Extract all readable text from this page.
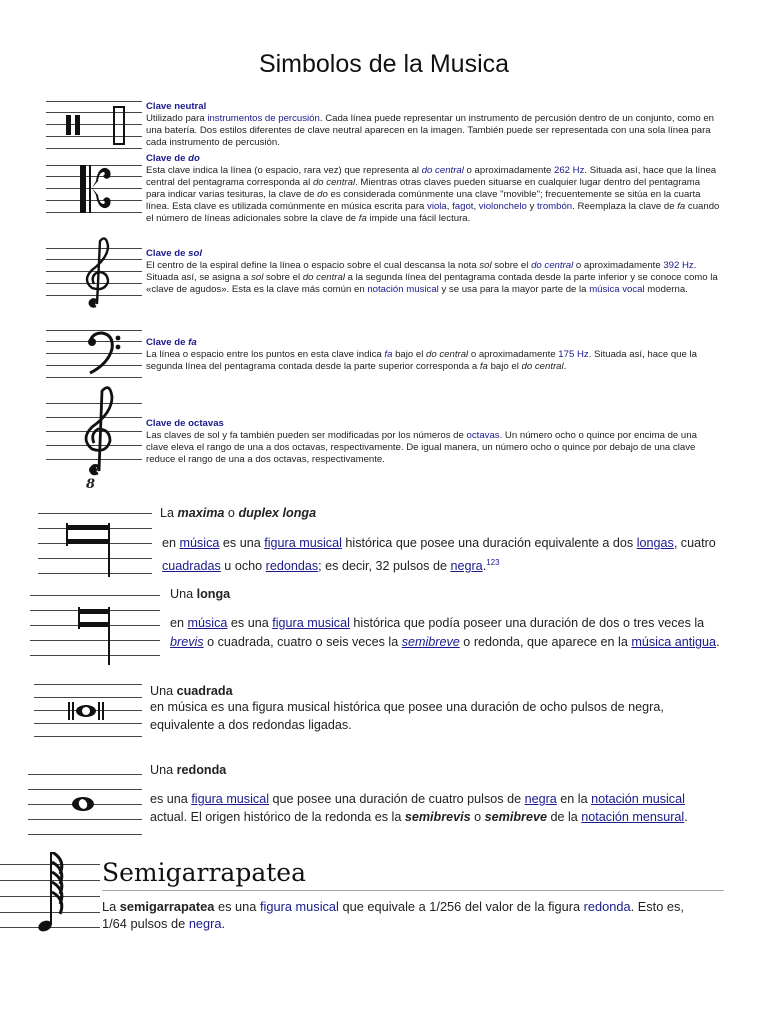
Simbolos de la Musica
Clave neutral
Utilizado para instrumentos de percusión. Cada línea puede representar un instrumento de percusión dentro de un conjunto, como en una batería. Dos estilos diferentes de clave neutral aparecen en la imagen. También puede ser representada con una sola línea para cada instrumento de percusión.
Clave de do
Esta clave indica la línea (o espacio, rara vez) que representa al do central o aproximadamente 262 Hz. Situada así, hace que la línea central del pentagrama corresponda al do central. Mientras otras claves pueden situarse en cualquier lugar dentro del pentagrama para indicar varias tesituras, la clave de do es considerada comúnmente una clave "movible"; frecuentemente se sitúa en la cuarta línea. Esta clave es utilizada comúnmente en música escrita para viola, fagot, violonchelo y trombón. Reemplaza la clave de fa cuando el número de líneas adicionales sobre la clave de fa impide una fácil lectura.
Clave de sol
El centro de la espiral define la línea o espacio sobre el cual descansa la nota sol sobre el do central o aproximadamente 392 Hz. Situada así, se asigna a sol sobre el do central a la segunda línea del pentagrama contada desde la parte inferior y se conoce como la «clave de agudos». Esta es la clave más común en notación musical y se usa para la mayor parte de la música vocal moderna.
Clave de fa
La línea o espacio entre los puntos en esta clave indica fa bajo el do central o aproximadamente 175 Hz. Situada así, hace que la segunda línea del pentagrama contada desde la parte superior corresponda a fa bajo el do central.
8
Clave de octavas
Las claves de sol y fa también pueden ser modificadas por los números de octavas. Un número ocho o quince por encima de una clave eleva el rango de una a dos octavas, respectivamente. De igual manera, un número ocho o quince por debajo de una clave reduce el rango de una a dos octavas, respectivamente.
La maxima o duplex longa
en música es una figura musical histórica que posee una duración equivalente a dos longas, cuatro cuadradas u ocho redondas; es decir, 32 pulsos de negra.$^{123}$
Una longa
en música es una figura musical histórica que podía poseer una duración de dos o tres veces la brevis o cuadrada, cuatro o seis veces la semibreve o redonda, que aparece en la música antigua.
Una cuadrada
en música es una figura musical histórica que posee una duración de ocho pulsos de negra, equivalente a dos redondas ligadas.
Una redonda
es una figura musical que posee una duración de cuatro pulsos de negra en la notación musical actual. El origen histórico de la redonda es la semibrevis o semibreve de la notación mensural.
Semigarrapatea
La semigarrapatea es una figura musical que equivale a 1/256 del valor de la figura redonda. Esto es, 1/64 pulsos de negra.
